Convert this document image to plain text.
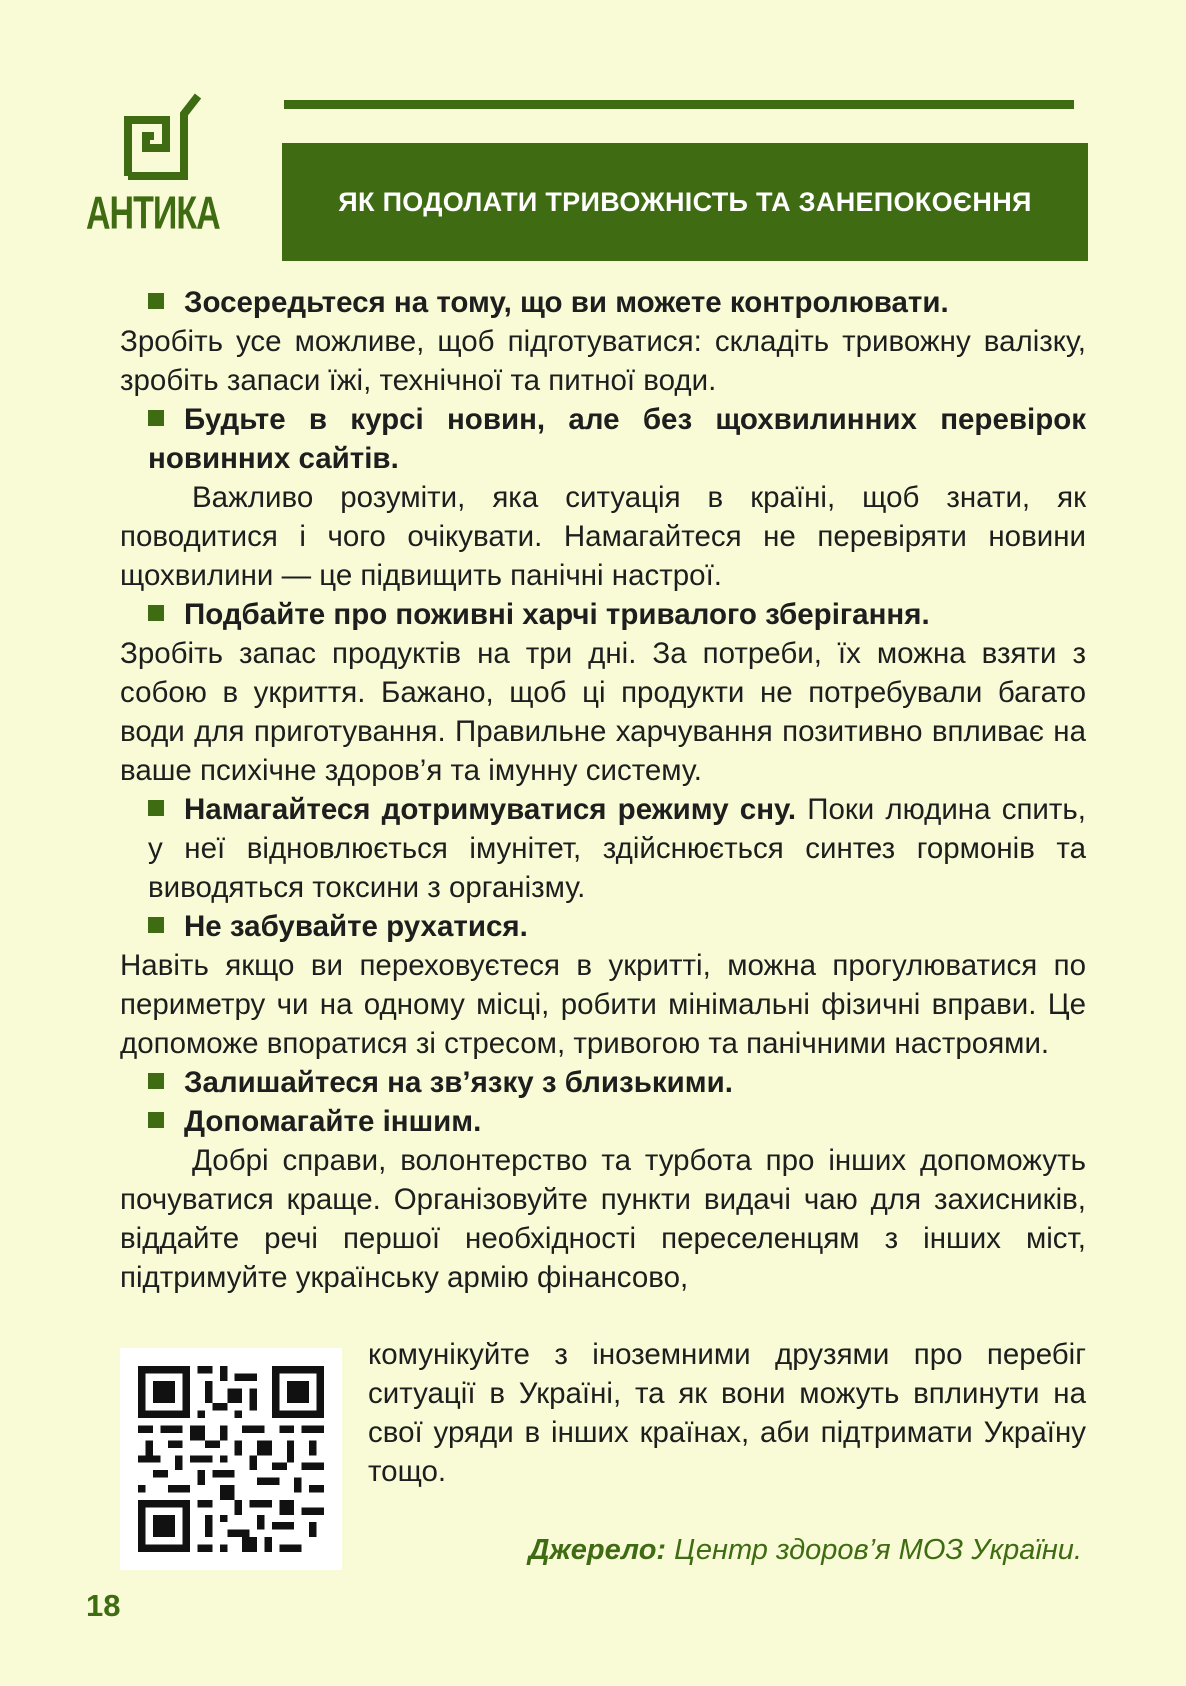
АНТИКА	ЯК ПОДОЛАТИ ТРИВОЖНІСТЬ ТА ЗАНЕПОКОЄННЯ

Зосередьтеся на тому, що ви можете контролювати.

Зробіть усе можливе, щоб підготуватися: складіть тривожну валізку, зробіть запаси їжі, технічної та питної води.

Будьте в курсі новин, але без щохвилинних перевірок новинних сайтів.

Важливо розуміти, яка ситуація в країні, щоб знати, як поводитися і чого очікувати. Намагайтеся не перевіряти новини щохвилини — це підвищить панічні настрої.

Подбайте про поживні харчі тривалого зберігання.

Зробіть запас продуктів на три дні. За потреби, їх можна взяти з собою в укриття. Бажано, щоб ці продукти не потребували багато води для приготування. Правильне харчування позитивно впливає на ваше психічне здоров’я та імунну систему.

Намагайтеся дотримуватися режиму сну. Поки людина спить, у неї відновлюється імунітет, здійснюється синтез гормонів та виводяться токсини з організму.

Не забувайте рухатися.

Навіть якщо ви переховуєтеся в укритті, можна прогулюватися по периметру чи на одному місці, робити мінімальні фізичні вправи. Це допоможе впоратися зі стресом, тривогою та панічними настроями.

Залишайтеся на зв’язку з близькими.

Допомагайте іншим.

Добрі справи, волонтерство та турбота про інших допоможуть почуватися краще. Організовуйте пункти видачі чаю для захисників, віддайте речі першої необхідності переселенцям з інших міст, підтримуйте українську армію фінансово,

комунікуйте з іноземними друзями про перебіг ситуації в Україні, та як вони можуть вплинути на свої уряди в інших країнах, аби підтримати Україну тощо.
Джерело: Центр здоров’я МОЗ України.
18
